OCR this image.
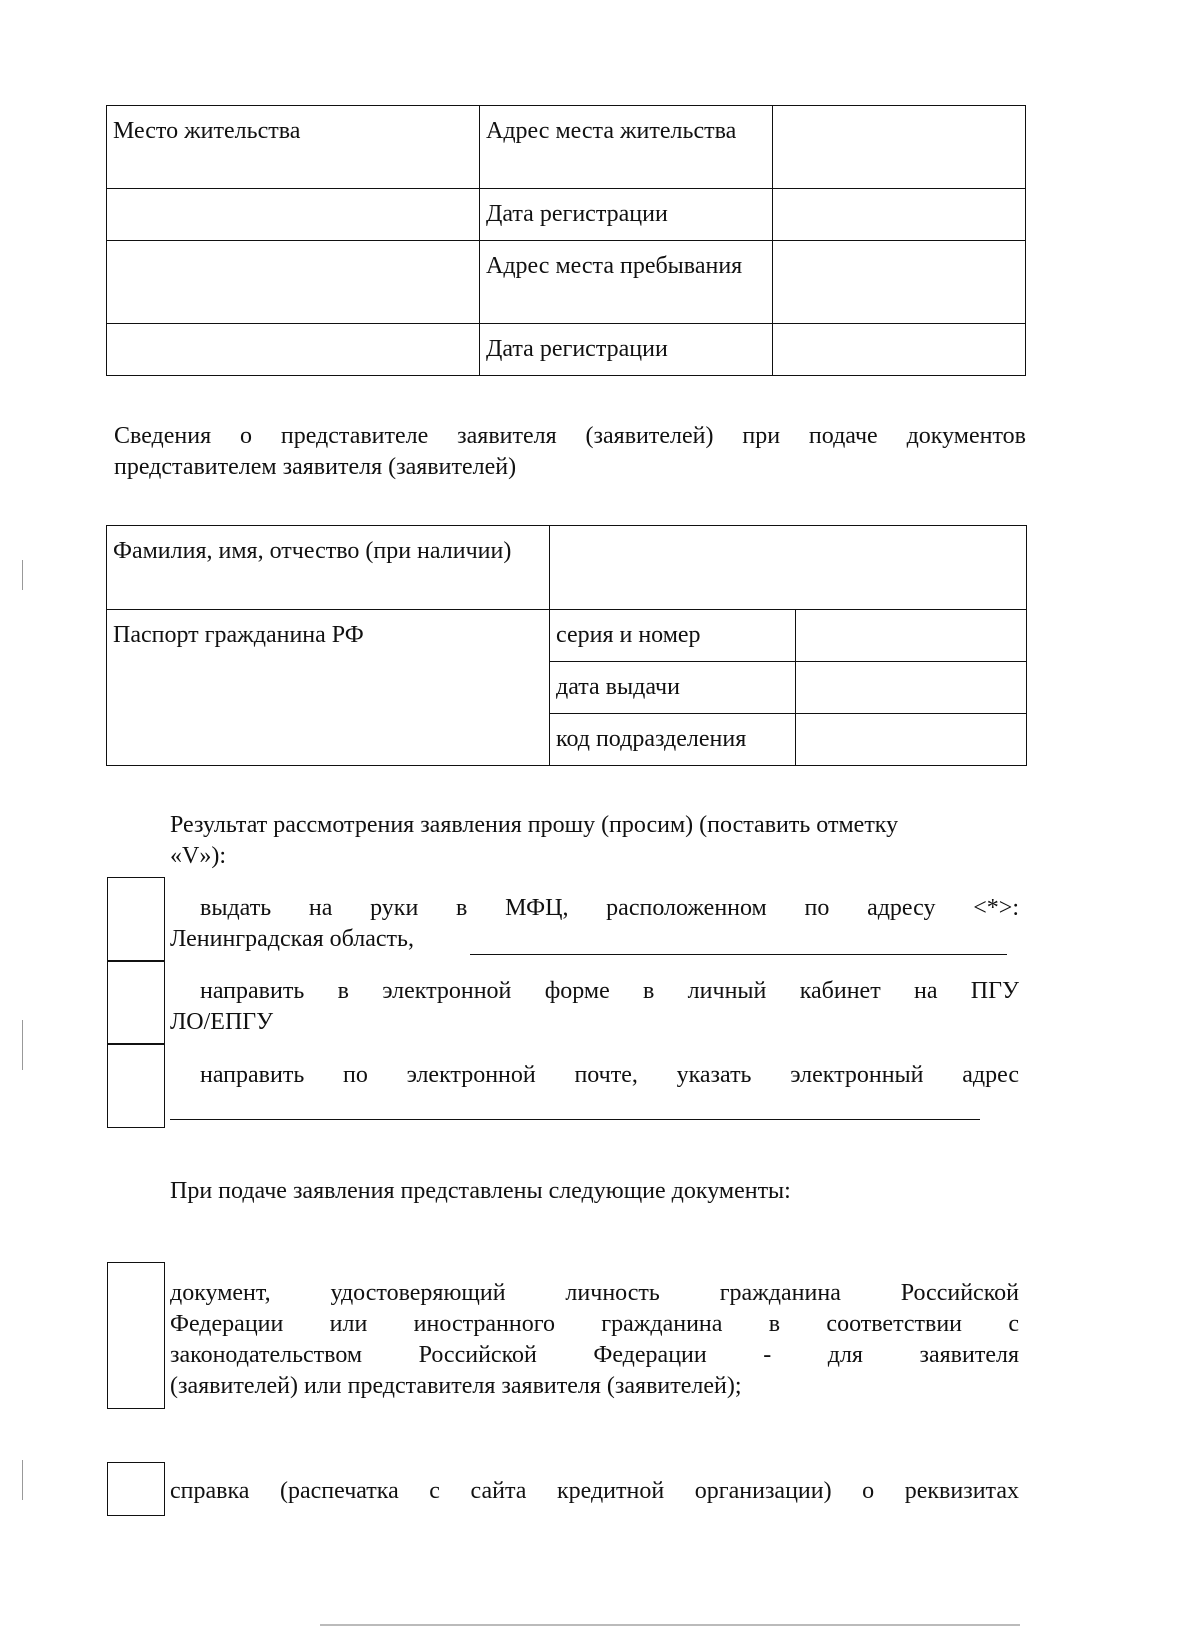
Место жительства	Адрес места жительства	
	Дата регистрации	
	Адрес места пребывания	
	Дата регистрации	
Сведения о представителе заявителя (заявителей) при подаче документов представителем заявителя (заявителей)
Фамилия, имя, отчество (при наличии)		
Паспорт гражданина РФ	серия и номер	
	дата выдачи	
	код подразделения	
Результат рассмотрения заявления прошу (просим) (поставить отметку «V»):
выдать на руки в МФЦ, расположенном по адресу <*>:
Ленинградская область,
направить в электронной форме в личный кабинет на ПГУ
ЛО/ЕПГУ
направить по электронной почте, указать электронный адрес
При подаче заявления представлены следующие документы:
документ, удостоверяющий личность гражданина Российской
Федерации или иностранного гражданина в соответствии с
законодательством Российской Федерации - для заявителя
(заявителей) или представителя заявителя (заявителей);
справка (распечатка с сайта кредитной организации) о реквизитах
